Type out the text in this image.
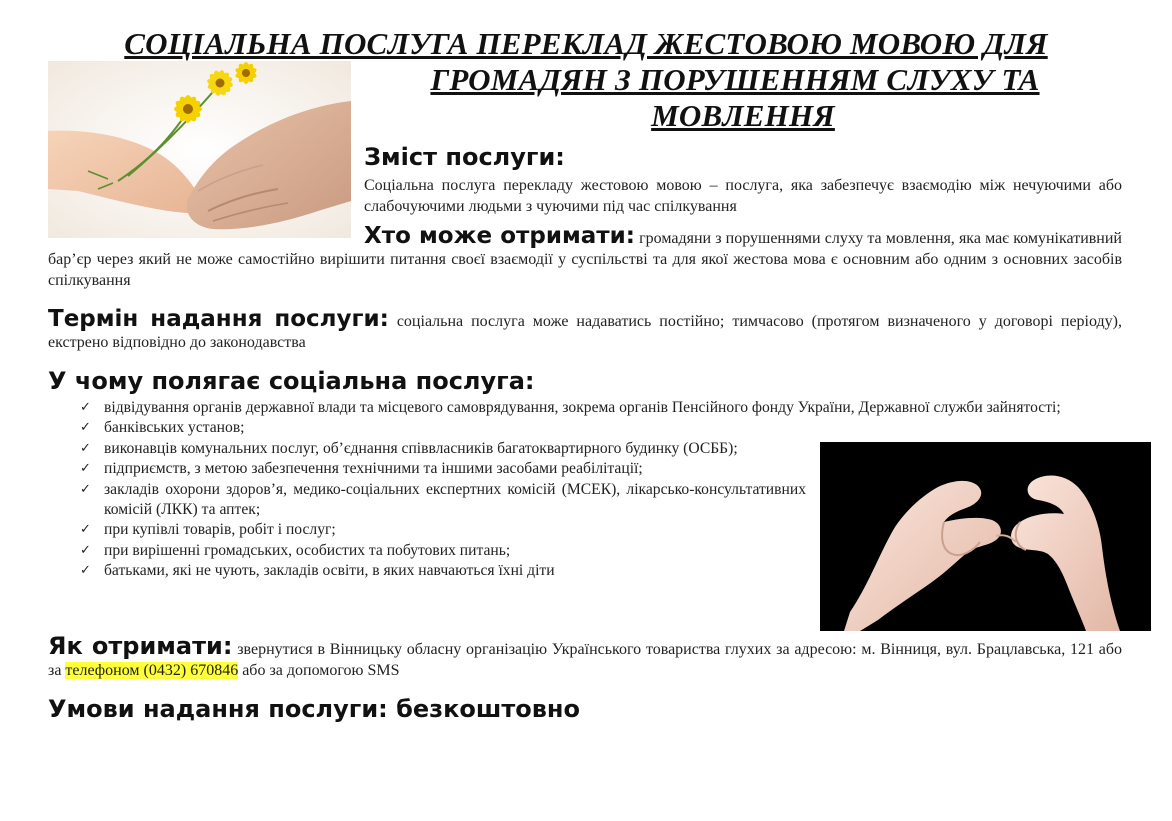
СОЦІАЛЬНА ПОСЛУГА ПЕРЕКЛАД ЖЕСТОВОЮ МОВОЮ ДЛЯ
ГРОМАДЯН З ПОРУШЕННЯМ СЛУХУ ТА
МОВЛЕННЯ
Зміст послуги:
Соціальна послуга перекладу жестовою мовою – послуга, яка забезпечує взаємодію між нечуючими або слабочуючими людьми з чуючими під час спілкування
Хто може отримати: громадяни з порушеннями слуху та мовлення, яка має комунікативний бар’єр через який не може самостійно вирішити питання своєї взаємодії у суспільстві та для якої жестова мова є основним або одним з основних засобів спілкування
Термін надання послуги: соціальна послуга може надаватись постійно; тимчасово (протягом визначеного у договорі періоду), екстрено відповідно до законодавства
У чому полягає соціальна послуга:
✓ відвідування органів державної влади та місцевого самоврядування, зокрема органів Пенсійного фонду України, Державної служби зайнятості;
✓ банківських установ;
✓ виконавців комунальних послуг, об’єднання співвласників багатоквартирного будинку (ОСББ);
✓ підприємств, з метою забезпечення технічними та іншими засобами реабілітації;
✓ закладів охорони здоров’я, медико-соціальних експертних комісій (МСЕК), лікарсько-консультативних комісій (ЛКК) та аптек;
✓ при купівлі товарів, робіт і послуг;
✓ при вирішенні громадських, особистих та побутових питань;
✓ батьками, які не чують, закладів освіти, в яких навчаються їхні діти
Як отримати: звернутися в Вінницьку обласну організацію Українського товариства глухих за адресою: м. Вінниця, вул. Брацлавська, 121 або за телефоном (0432) 670846 або за допомогою SMS
Умови надання послуги: безкоштовно
